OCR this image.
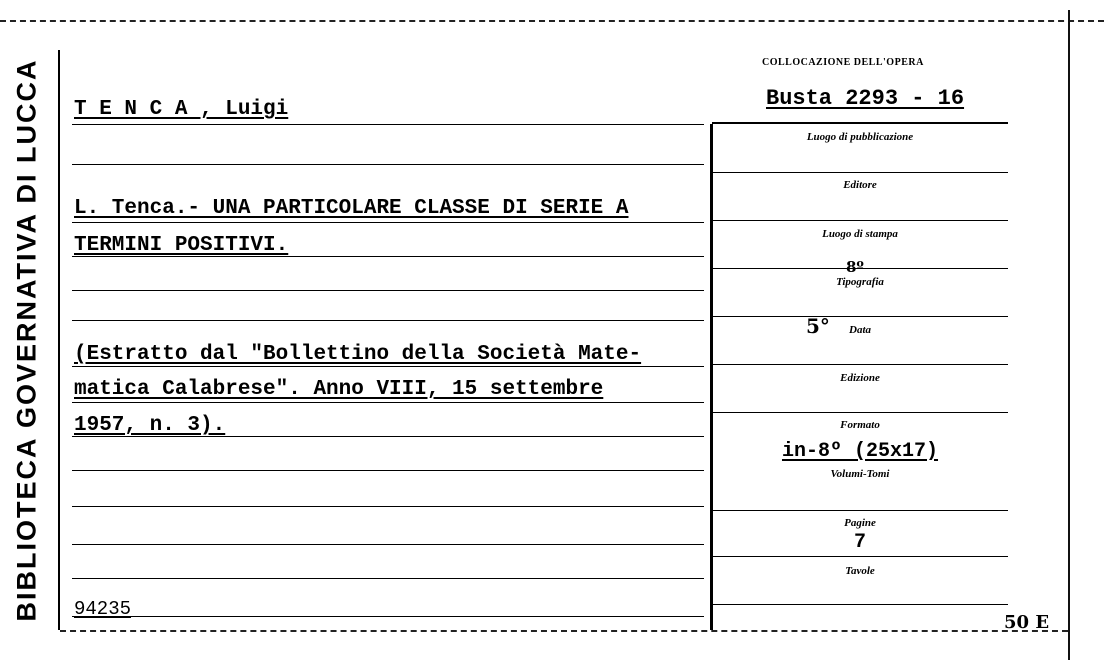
BIBLIOTECA GOVERNATIVA DI LUCCA T E N C A , Luigi
L. Tenca.- UNA PARTICOLARE CLASSE DI SERIE A
TERMINI POSITIVI.
(Estratto dal "Bollettino della Società Mate-
matica Calabrese". Anno VIII, 15 settembre
1957, n. 3).
94235
COLLOCAZIONE DELL'OPERA
Busta 2293 - 16
Luogo di pubblicazione
Editore
Luogo di stampa
Tipografia
8º
5°	Data
Edizione
Formato
in-8º (25x17)
Volumi-Tomi
Pagine
7
Tavole
50 E
